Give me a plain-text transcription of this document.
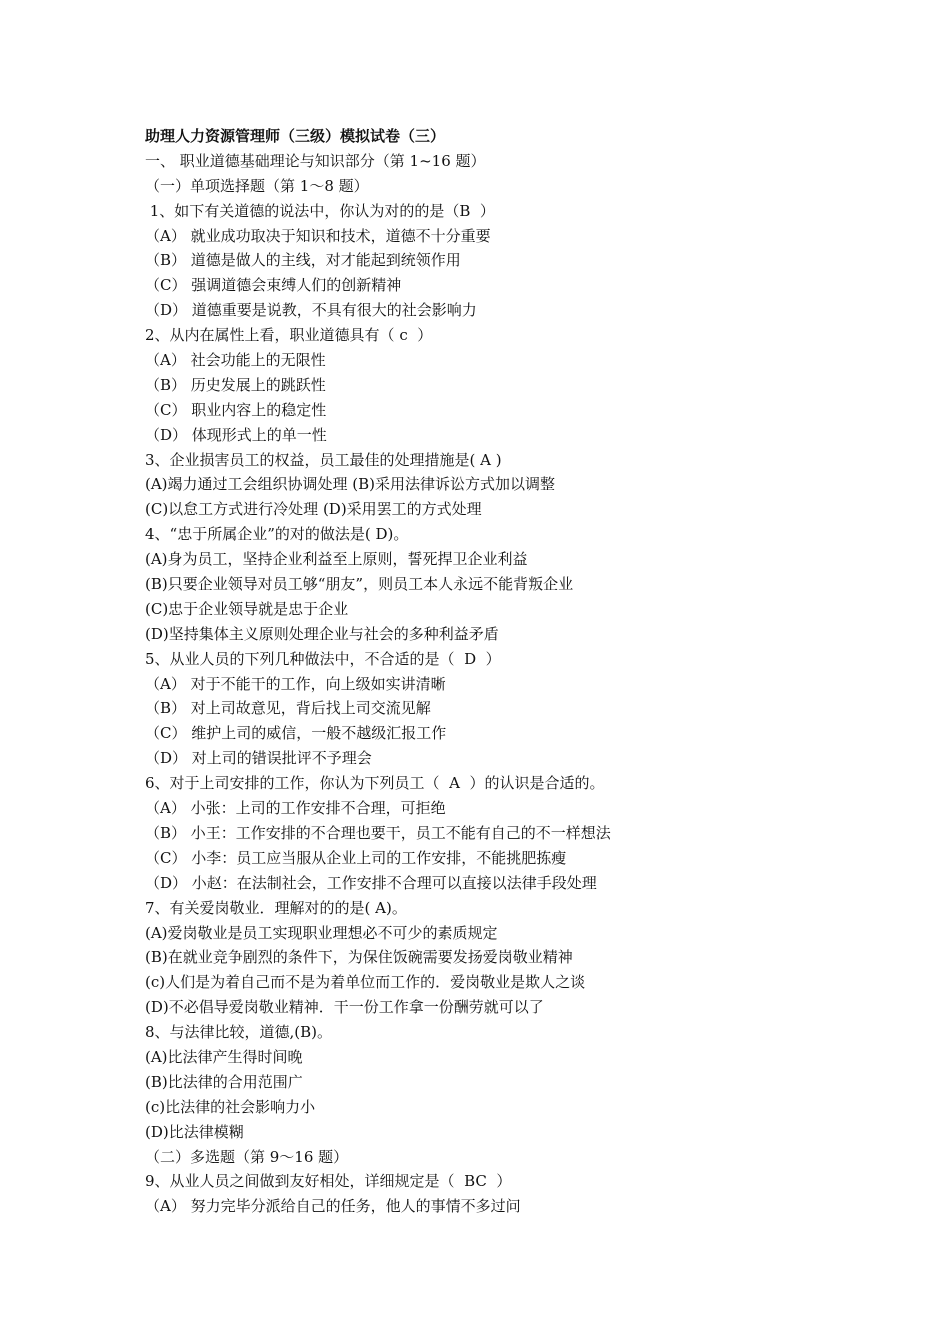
助理人力资源管理师（三级）模拟试卷（三）
一、 职业道德基础理论与知识部分（第 1~16 题）
（一）单项选择题（第 1～8 题）
1、如下有关道德的说法中，你认为对的的是（B  ）
（A） 就业成功取决于知识和技术，道德不十分重要
（B） 道德是做人的主线，对才能起到统领作用
（C） 强调道德会束缚人们的创新精神
（D） 道德重要是说教，不具有很大的社会影响力
2、从内在属性上看，职业道德具有（ c  ）
（A） 社会功能上的无限性
（B） 历史发展上的跳跃性
（C） 职业内容上的稳定性
（D） 体现形式上的单一性
3、企业损害员工的权益，员工最佳的处理措施是( A )
(A)竭力通过工会组织协调处理 (B)采用法律诉讼方式加以调整
(C)以怠工方式进行冷处理 (D)采用罢工的方式处理
4、“忠于所属企业”的对的做法是( D)。
(A)身为员工，坚持企业利益至上原则，誓死捍卫企业利益
(B)只要企业领导对员工够“朋友”，则员工本人永远不能背叛企业
(C)忠于企业领导就是忠于企业
(D)坚持集体主义原则处理企业与社会的多种利益矛盾
5、从业人员的下列几种做法中，不合适的是（  D  ）
（A） 对于不能干的工作，向上级如实讲清晰
（B） 对上司故意见，背后找上司交流见解
（C） 维护上司的威信，一般不越级汇报工作
（D） 对上司的错误批评不予理会
6、对于上司安排的工作，你认为下列员工（  A  ）的认识是合适的。
（A） 小张：上司的工作安排不合理，可拒绝
（B） 小王：工作安排的不合理也要干，员工不能有自己的不一样想法
（C） 小李：员工应当服从企业上司的工作安排，不能挑肥拣瘦
（D） 小赵：在法制社会，工作安排不合理可以直接以法律手段处理
7、有关爱岗敬业．理解对的的是( A)。
(A)爱岗敬业是员工实现职业理想必不可少的素质规定
(B)在就业竞争剧烈的条件下，为保住饭碗需要发扬爱岗敬业精神
(c)人们是为着自己而不是为着单位而工作的．爱岗敬业是欺人之谈
(D)不必倡导爱岗敬业精神．干一份工作拿一份酬劳就可以了
8、与法律比较，道德,(B)。
(A)比法律产生得时间晚
(B)比法律的合用范围广
(c)比法律的社会影响力小
(D)比法律模糊
（二）多选题（第 9～16 题）
9、从业人员之间做到友好相处，详细规定是（  BC  ）
（A） 努力完毕分派给自己的任务，他人的事情不多过问
